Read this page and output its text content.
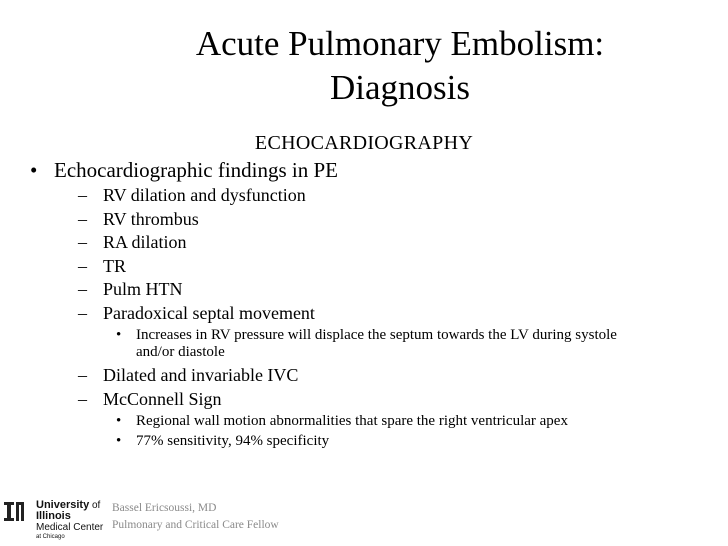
Acute Pulmonary Embolism:
Diagnosis
ECHOCARDIOGRAPHY
• Echocardiographic findings in PE
– RV dilation and dysfunction
– RV thrombus
– RA dilation
– TR
– Pulm HTN
– Paradoxical septal movement
• Increases in RV pressure will displace the septum towards the LV during systole and/or diastole
– Dilated and invariable IVC
– McConnell Sign
• Regional wall motion abnormalities that spare the right ventricular apex
• 77% sensitivity, 94% specificity
University of
Illinois
Medical Center
at Chicago
Bassel Ericsoussi, MD
Pulmonary and Critical Care Fellow
